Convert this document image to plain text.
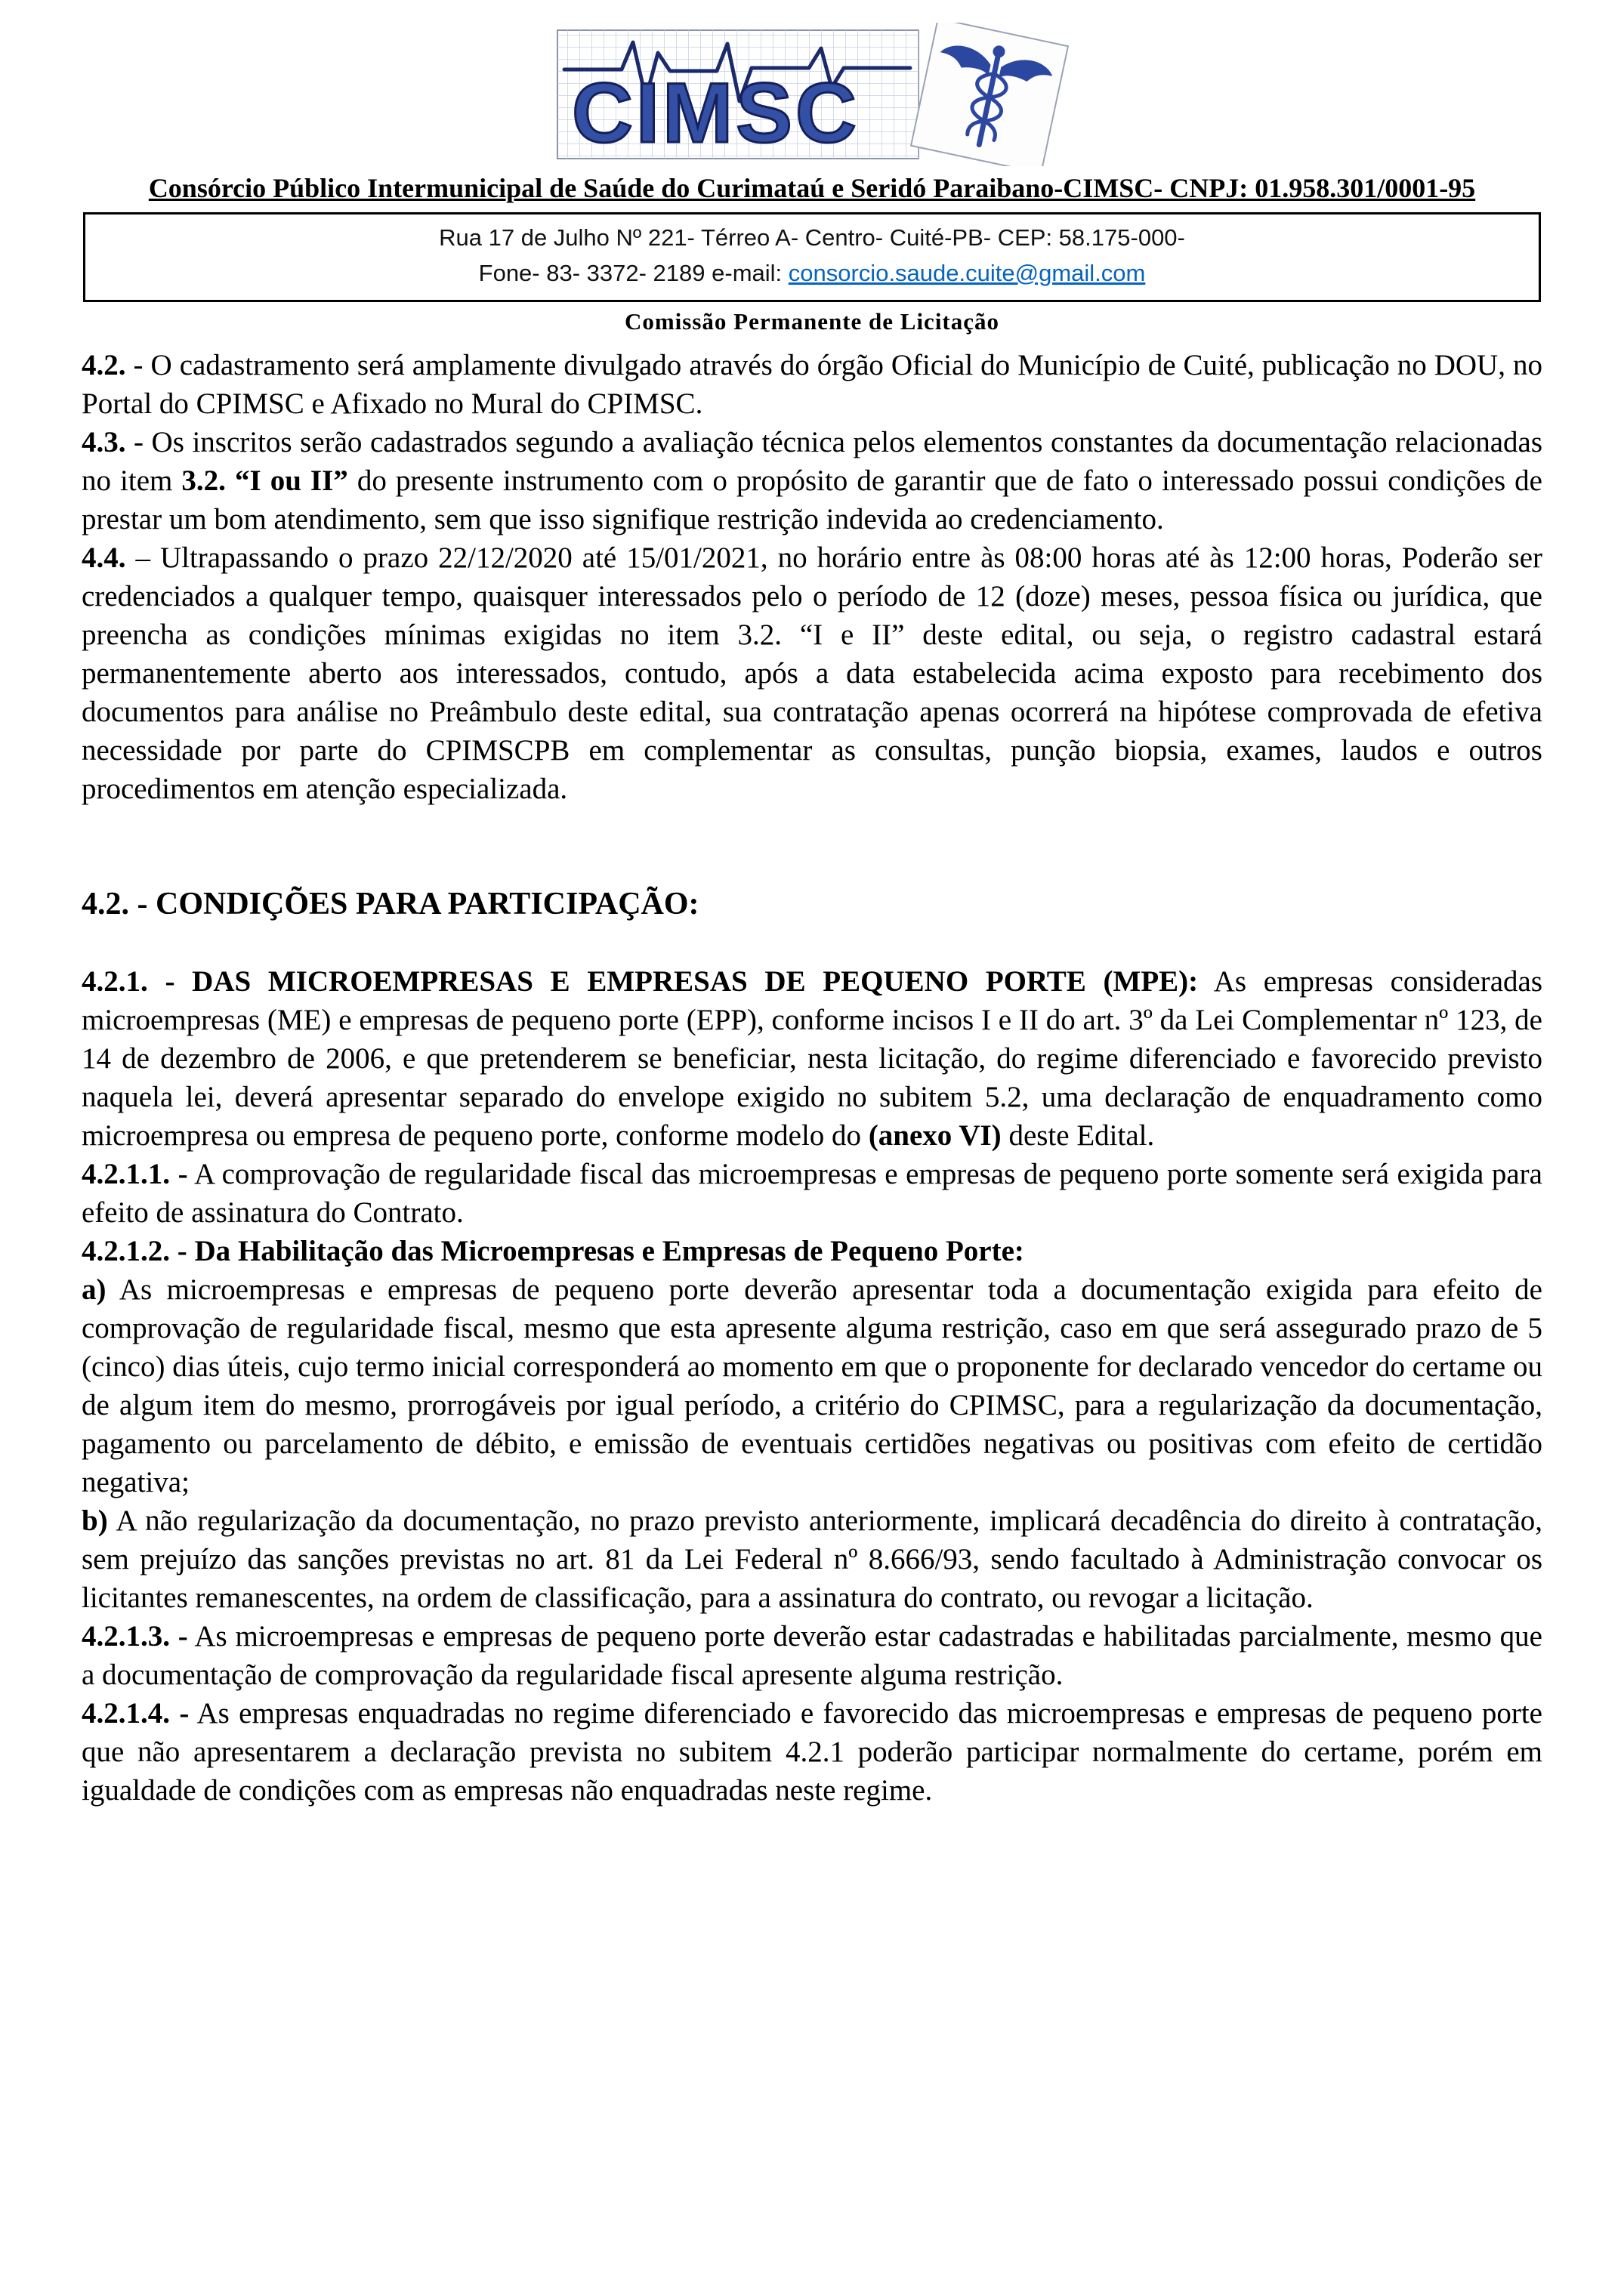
CIMSC
Consórcio Público Intermunicipal de Saúde do Curimataú e Seridó Paraibano-CIMSC- CNPJ: 01.958.301/0001-95
Rua 17 de Julho Nº 221- Térreo A- Centro- Cuité-PB- CEP: 58.175-000-
Fone- 83- 3372- 2189 e-mail: consorcio.saude.cuite@gmail.com
Comissão Permanente de Licitação

4.2. - O cadastramento será amplamente divulgado através do órgão Oficial do Município de Cuité, publicação no DOU, no Portal do CPIMSC e Afixado no Mural do CPIMSC.

4.3. - Os inscritos serão cadastrados segundo a avaliação técnica pelos elementos constantes da documentação relacionadas no item 3.2. “I ou II” do presente instrumento com o propósito de garantir que de fato o interessado possui condições de prestar um bom atendimento, sem que isso signifique restrição indevida ao credenciamento.

4.4. – Ultrapassando o prazo 22/12/2020 até 15/01/2021, no horário entre às 08:00 horas até às 12:00 horas, Poderão ser credenciados a qualquer tempo, quaisquer interessados pelo o período de 12 (doze) meses, pessoa física ou jurídica, que preencha as condições mínimas exigidas no item 3.2. “I e II” deste edital, ou seja, o registro cadastral estará permanentemente aberto aos interessados, contudo, após a data estabelecida acima exposto para recebimento dos documentos para análise no Preâmbulo deste edital, sua contratação apenas ocorrerá na hipótese comprovada de efetiva necessidade por parte do CPIMSCPB em complementar as consultas, punção biopsia, exames, laudos e outros procedimentos em atenção especializada.

4.2. - CONDIÇÕES PARA PARTICIPAÇÃO:

4.2.1. - DAS MICROEMPRESAS E EMPRESAS DE PEQUENO PORTE (MPE): As empresas consideradas microempresas (ME) e empresas de pequeno porte (EPP), conforme incisos I e II do art. 3º da Lei Complementar nº 123, de 14 de dezembro de 2006, e que pretenderem se beneficiar, nesta licitação, do regime diferenciado e favorecido previsto naquela lei, deverá apresentar separado do envelope exigido no subitem 5.2, uma declaração de enquadramento como microempresa ou empresa de pequeno porte, conforme modelo do (anexo VI) deste Edital.

4.2.1.1. - A comprovação de regularidade fiscal das microempresas e empresas de pequeno porte somente será exigida para efeito de assinatura do Contrato.

4.2.1.2. - Da Habilitação das Microempresas e Empresas de Pequeno Porte:

a) As microempresas e empresas de pequeno porte deverão apresentar toda a documentação exigida para efeito de comprovação de regularidade fiscal, mesmo que esta apresente alguma restrição, caso em que será assegurado prazo de 5 (cinco) dias úteis, cujo termo inicial corresponderá ao momento em que o proponente for declarado vencedor do certame ou de algum item do mesmo, prorrogáveis por igual período, a critério do CPIMSC, para a regularização da documentação, pagamento ou parcelamento de débito, e emissão de eventuais certidões negativas ou positivas com efeito de certidão negativa;

b) A não regularização da documentação, no prazo previsto anteriormente, implicará decadência do direito à contratação, sem prejuízo das sanções previstas no art. 81 da Lei Federal nº 8.666/93, sendo facultado à Administração convocar os licitantes remanescentes, na ordem de classificação, para a assinatura do contrato, ou revogar a licitação.

4.2.1.3. - As microempresas e empresas de pequeno porte deverão estar cadastradas e habilitadas parcialmente, mesmo que a documentação de comprovação da regularidade fiscal apresente alguma restrição.

4.2.1.4. - As empresas enquadradas no regime diferenciado e favorecido das microempresas e empresas de pequeno porte que não apresentarem a declaração prevista no subitem 4.2.1 poderão participar normalmente do certame, porém em igualdade de condições com as empresas não enquadradas neste regime.
